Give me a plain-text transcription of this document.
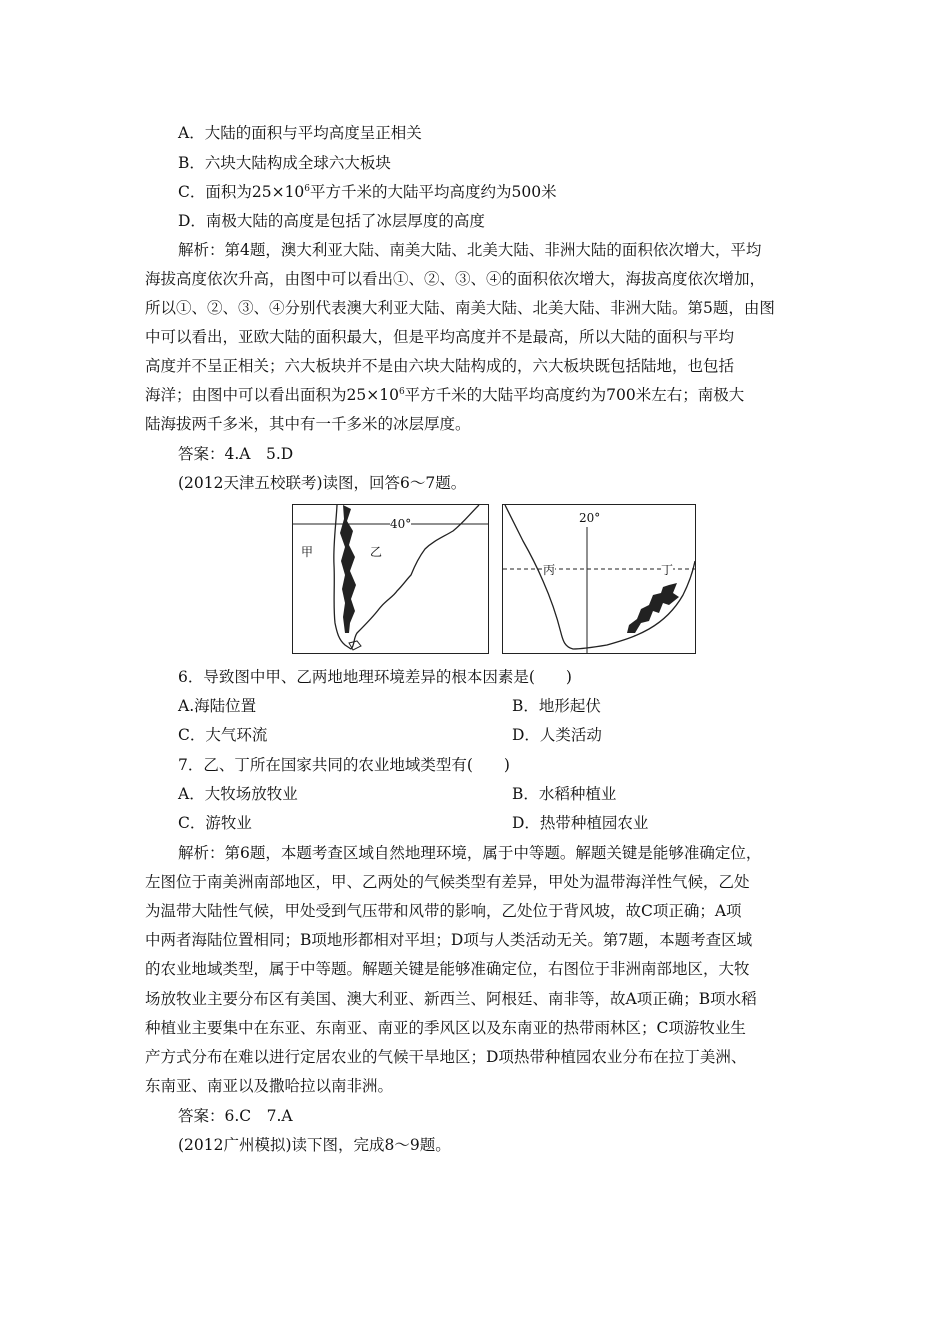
A．大陆的面积与平均高度呈正相关
B．六块大陆构成全球六大板块
C．面积为$25\times 10^6$平方千米的大陆平均高度约为500米
D．南极大陆的高度是包括了冰层厚度的高度
解析：第4题，澳大利亚大陆、南美大陆、北美大陆、非洲大陆的面积依次增大，平均
海拔高度依次升高，由图中可以看出①、②、③、④的面积依次增大，海拔高度依次增加，
所以①、②、③、④分别代表澳大利亚大陆、南美大陆、北美大陆、非洲大陆。第5题，由图
中可以看出，亚欧大陆的面积最大，但是平均高度并不是最高，所以大陆的面积与平均
高度并不呈正相关；六大板块并不是由六块大陆构成的，六大板块既包括陆地，也包括
海洋；由图中可以看出面积为$25\times 10^6$平方千米的大陆平均高度约为700米左右；南极大
陆海拔两千多米，其中有一千多米的冰层厚度。
答案：4.A　5.D
(2012天津五校联考)读图，回答6～7题。
40°
甲	乙
20°
丙	丁
6．导致图中甲、乙两地地理环境差异的根本因素是(　　)
A.海陆位置	B．地形起伏
C．大气环流	D．人类活动
7．乙、丁所在国家共同的农业地域类型有(　　)
A．大牧场放牧业	B．水稻种植业
C．游牧业	D．热带种植园农业
解析：第6题，本题考查区域自然地理环境，属于中等题。解题关键是能够准确定位，
左图位于南美洲南部地区，甲、乙两处的气候类型有差异，甲处为温带海洋性气候，乙处
为温带大陆性气候，甲处受到气压带和风带的影响，乙处位于背风坡，故C项正确；A项
中两者海陆位置相同；B项地形都相对平坦；D项与人类活动无关。第7题，本题考查区域
的农业地域类型，属于中等题。解题关键是能够准确定位，右图位于非洲南部地区，大牧
场放牧业主要分布区有美国、澳大利亚、新西兰、阿根廷、南非等，故A项正确；B项水稻
种植业主要集中在东亚、东南亚、南亚的季风区以及东南亚的热带雨林区；C项游牧业生
产方式分布在难以进行定居农业的气候干旱地区；D项热带种植园农业分布在拉丁美洲、
东南亚、南亚以及撒哈拉以南非洲。
答案：6.C　7.A
(2012广州模拟)读下图，完成8～9题。
